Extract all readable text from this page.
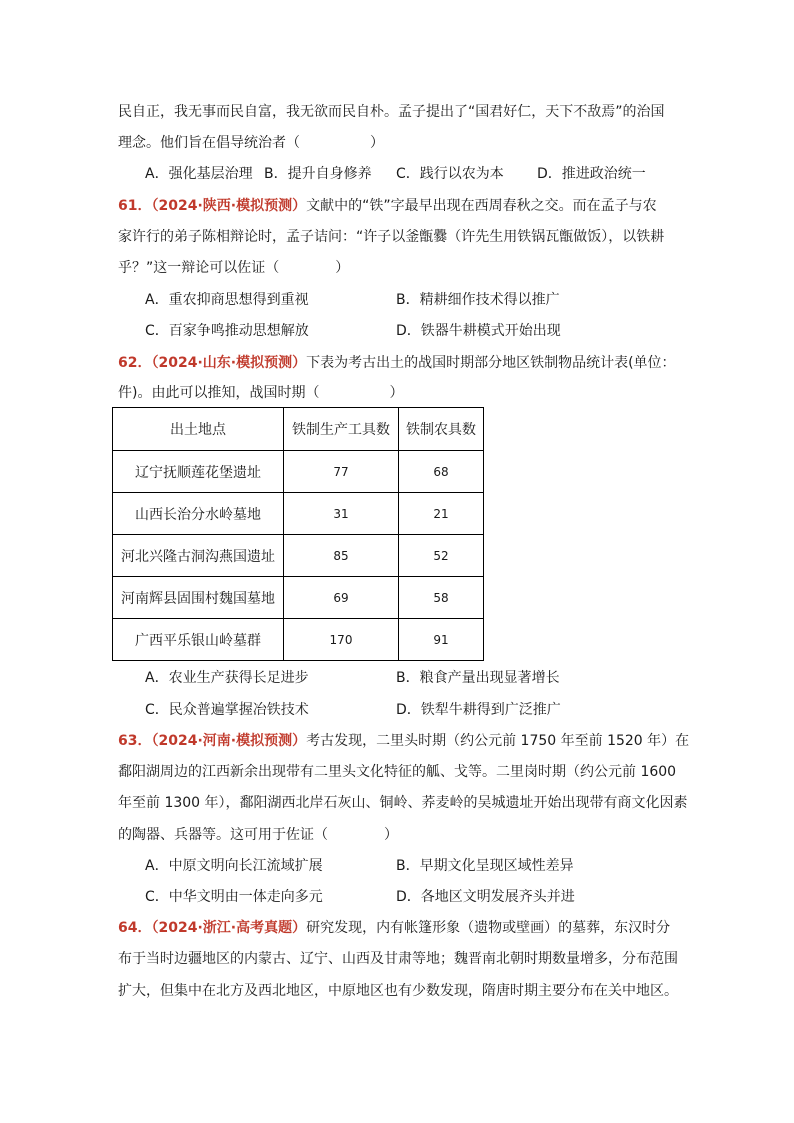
民自正，我无事而民自富，我无欲而民自朴。孟子提出了“国君好仁，天下不敌焉”的治国
理念。他们旨在倡导统治者（　　　　　）
A．强化基层治理 B．提升自身修养 C．践行以农为本 D．推进政治统一
61．（2024·陕西·模拟预测）文献中的“铁”字最早出现在西周春秋之交。而在孟子与农
家许行的弟子陈相辩论时，孟子诘问：“许子以釜甑爨（许先生用铁锅瓦甑做饭），以铁耕
乎？”这一辩论可以佐证（　　　　）
A．重农抑商思想得到重视	B．精耕细作技术得以推广
C．百家争鸣推动思想解放	D．铁器牛耕模式开始出现
62．（2024·山东·模拟预测）下表为考古出土的战国时期部分地区铁制物品统计表(单位：
件)。由此可以推知，战国时期（　　　　　）
出土地点	铁制生产工具数	铁制农具数
辽宁抚顺莲花堡遗址	77	68
山西长治分水岭墓地	31	21
河北兴隆古洞沟燕国遗址	85	52
河南辉县固围村魏国墓地	69	58
广西平乐银山岭墓群	170	91
A．农业生产获得长足进步	B．粮食产量出现显著增长
C．民众普遍掌握冶铁技术	D．铁犁牛耕得到广泛推广
63．（2024·河南·模拟预测）考古发现，二里头时期（约公元前 1750 年至前 1520 年）在
鄱阳湖周边的江西新余出现带有二里头文化特征的觚、戈等。二里岗时期（约公元前 1600
年至前 1300 年），鄱阳湖西北岸石灰山、铜岭、荞麦岭的吴城遗址开始出现带有商文化因素
的陶器、兵器等。这可用于佐证（　　　　）
A．中原文明向长江流域扩展	B．早期文化呈现区域性差异
C．中华文明由一体走向多元	D．各地区文明发展齐头并进
64．（2024·浙江·高考真题）研究发现，内有帐篷形象（遗物或壁画）的墓葬，东汉时分
布于当时边疆地区的内蒙古、辽宁、山西及甘肃等地；魏晋南北朝时期数量增多，分布范围
扩大，但集中在北方及西北地区，中原地区也有少数发现，隋唐时期主要分布在关中地区。
